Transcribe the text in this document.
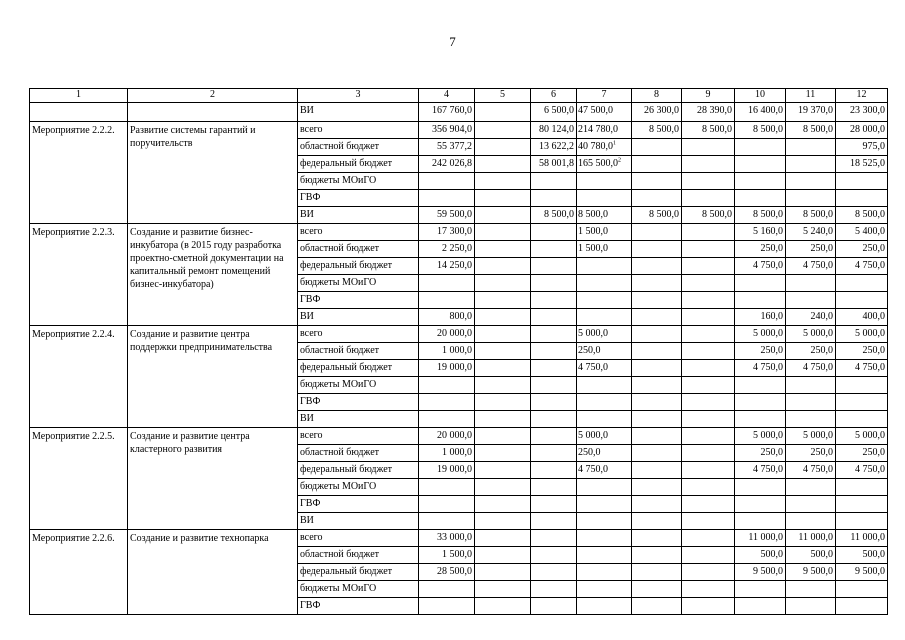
7
1	2	3	4	5	6	7	8	9	10	11	12
		ВИ	167 760,0		6 500,0	47 500,0	26 300,0	28 390,0	16 400,0	19 370,0	23 300,0
Мероприятие 2.2.2.	Развитие системы гарантий и поручительств	всего	356 904,0		80 124,0	214 780,0	8 500,0	8 500,0	8 500,0	8 500,0	28 000,0
		областной бюджет	55 377,2		13 622,2	40 780,0$^1$					975,0
		федеральный бюджет	242 026,8		58 001,8	165 500,0$^2$					18 525,0
		бюджеты МОиГО									
		ГВФ									
		ВИ	59 500,0		8 500,0	8 500,0	8 500,0	8 500,0	8 500,0	8 500,0	8 500,0
Мероприятие 2.2.3.	Создание и развитие бизнес-инкубатора (в 2015 году разработка проектно-сметной документации на капитальный ремонт помещений бизнес-инкубатора)	всего	17 300,0			1 500,0			5 160,0	5 240,0	5 400,0
		областной бюджет	2 250,0			1 500,0			250,0	250,0	250,0
		федеральный бюджет	14 250,0						4 750,0	4 750,0	4 750,0
		бюджеты МОиГО									
		ГВФ									
		ВИ	800,0						160,0	240,0	400,0
Мероприятие 2.2.4.	Создание и развитие центра поддержки предпринимательства	всего	20 000,0			5 000,0			5 000,0	5 000,0	5 000,0
		областной бюджет	1 000,0			250,0			250,0	250,0	250,0
		федеральный бюджет	19 000,0			4 750,0			4 750,0	4 750,0	4 750,0
		бюджеты МОиГО									
		ГВФ									
		ВИ									
Мероприятие 2.2.5.	Создание и развитие центра кластерного развития	всего	20 000,0			5 000,0			5 000,0	5 000,0	5 000,0
		областной бюджет	1 000,0			250,0			250,0	250,0	250,0
		федеральный бюджет	19 000,0			4 750,0			4 750,0	4 750,0	4 750,0
		бюджеты МОиГО									
		ГВФ									
		ВИ									
Мероприятие 2.2.6.	Создание и развитие технопарка	всего	33 000,0						11 000,0	11 000,0	11 000,0
		областной бюджет	1 500,0						500,0	500,0	500,0
		федеральный бюджет	28 500,0						9 500,0	9 500,0	9 500,0
		бюджеты МОиГО									
		ГВФ									
